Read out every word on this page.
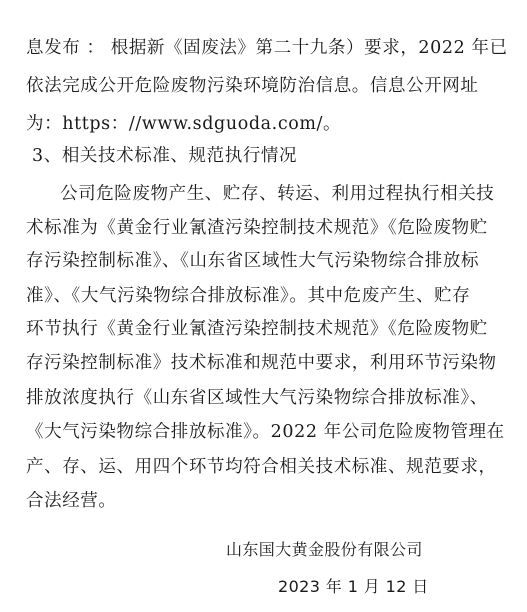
息发布 ： 根据新《固废法》第二十九条）要求，2022 年已
依法完成公开危险废物污染环境防治信息。信息公开网址
为：https：//www.sdguoda.com/。
3、相关技术标准、规范执行情况
公司危险废物产生、贮存、转运、利用过程执行相关技
术标准为《黄金行业氰渣污染控制技术规范》《危险废物贮
存污染控制标准》、《山东省区域性大气污染物综合排放标
准》、《大气污染物综合排放标准》。其中危废产生、贮存
环节执行《黄金行业氰渣污染控制技术规范》《危险废物贮
存污染控制标准》技术标准和规范中要求，利用环节污染物
排放浓度执行《山东省区域性大气污染物综合排放标准》、
《大气污染物综合排放标准》。2022 年公司危险废物管理在
产、存、运、用四个环节均符合相关技术标准、规范要求，
合法经营。
山东国大黄金股份有限公司
2023 年 1 月 12 日
